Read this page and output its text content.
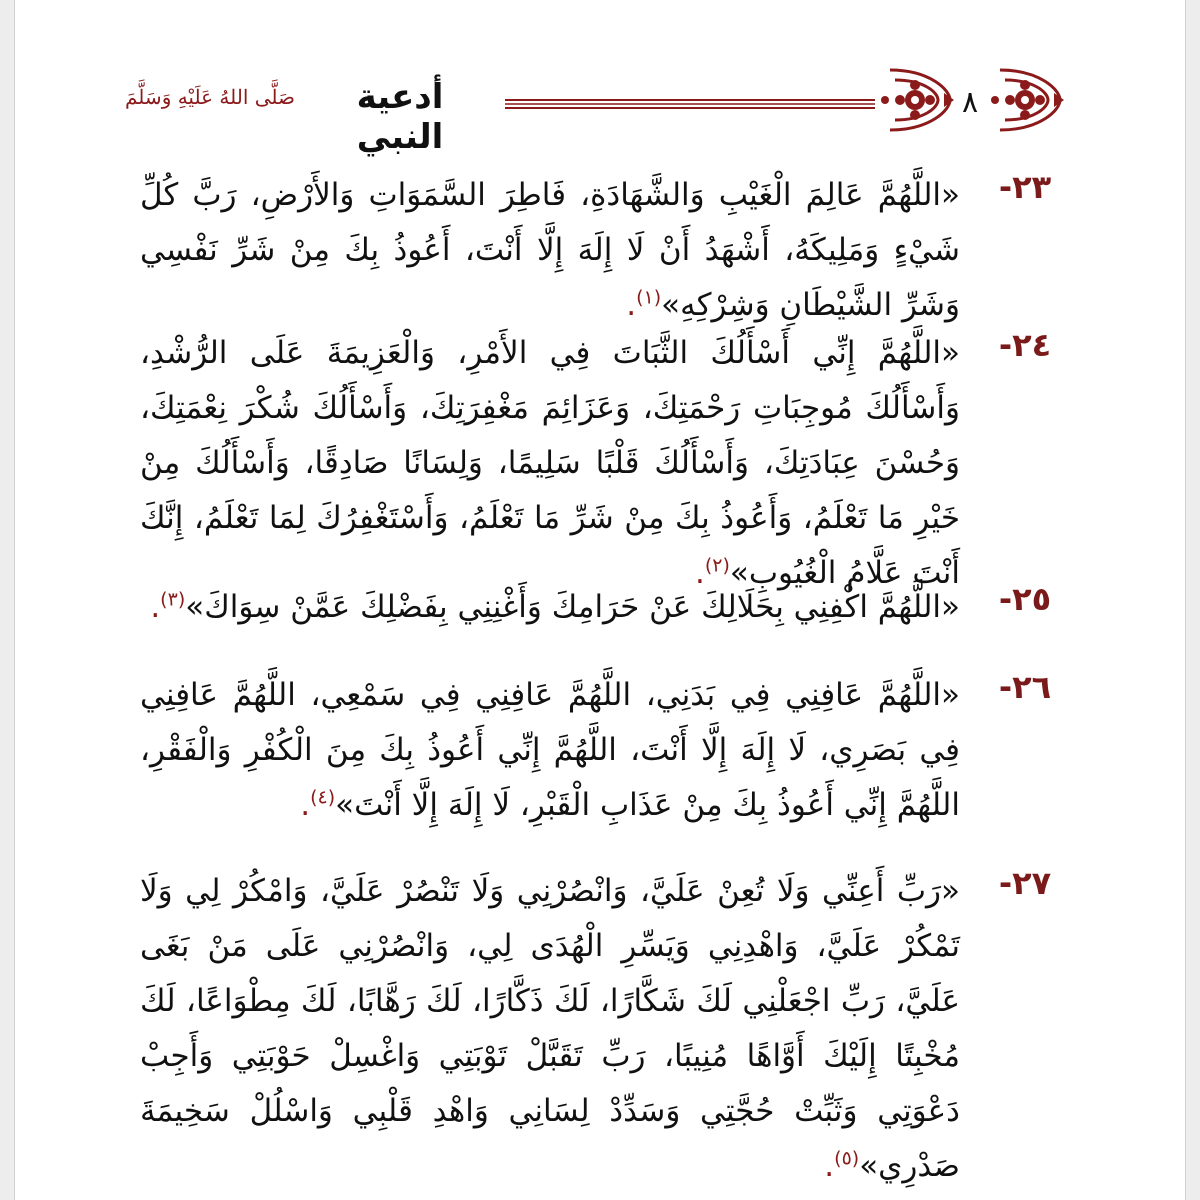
صَلَّى اللهُ عَلَيْهِ وَسَلَّمَ	أدعية النبي
٨
٢٣-
«اللَّهُمَّ عَالِمَ الْغَيْبِ وَالشَّهَادَةِ، فَاطِرَ السَّمَوَاتِ وَالأَرْضِ، رَبَّ كُلِّ شَيْءٍ وَمَلِيكَهُ، أَشْهَدُ أَنْ لَا إِلَهَ إِلَّا أَنْتَ، أَعُوذُ بِكَ مِنْ شَرِّ نَفْسِي وَشَرِّ الشَّيْطَانِ وَشِرْكِهِ»$^{(١)}$.
٢٤-
«اللَّهُمَّ إِنِّي أَسْأَلُكَ الثَّبَاتَ فِي الأَمْرِ، وَالْعَزِيمَةَ عَلَى الرُّشْدِ، وَأَسْأَلُكَ مُوجِبَاتِ رَحْمَتِكَ، وَعَزَائِمَ مَغْفِرَتِكَ، وَأَسْأَلُكَ شُكْرَ نِعْمَتِكَ، وَحُسْنَ عِبَادَتِكَ، وَأَسْأَلُكَ قَلْبًا سَلِيمًا، وَلِسَانًا صَادِقًا، وَأَسْأَلُكَ مِنْ خَيْرِ مَا تَعْلَمُ، وَأَعُوذُ بِكَ مِنْ شَرِّ مَا تَعْلَمُ، وَأَسْتَغْفِرُكَ لِمَا تَعْلَمُ، إِنَّكَ أَنْتَ عَلَّامُ الْغُيُوبِ»$^{(٢)}$.
٢٥-
«اللَّهُمَّ اكْفِنِي بِحَلَالِكَ عَنْ حَرَامِكَ وَأَغْنِنِي بِفَضْلِكَ عَمَّنْ سِوَاكَ»$^{(٣)}$.
٢٦-
«اللَّهُمَّ عَافِنِي فِي بَدَنِي، اللَّهُمَّ عَافِنِي فِي سَمْعِي، اللَّهُمَّ عَافِنِي فِي بَصَرِي، لَا إِلَهَ إِلَّا أَنْتَ، اللَّهُمَّ إِنِّي أَعُوذُ بِكَ مِنَ الْكُفْرِ وَالْفَقْرِ، اللَّهُمَّ إِنِّي أَعُوذُ بِكَ مِنْ عَذَابِ الْقَبْرِ، لَا إِلَهَ إِلَّا أَنْتَ»$^{(٤)}$.
٢٧-
«رَبِّ أَعِنِّي وَلَا تُعِنْ عَلَيَّ، وَانْصُرْنِي وَلَا تَنْصُرْ عَلَيَّ، وَامْكُرْ لِي وَلَا تَمْكُرْ عَلَيَّ، وَاهْدِنِي وَيَسِّرِ الْهُدَى لِي، وَانْصُرْنِي عَلَى مَنْ بَغَى عَلَيَّ، رَبِّ اجْعَلْنِي لَكَ شَكَّارًا، لَكَ ذَكَّارًا، لَكَ رَهَّابًا، لَكَ مِطْوَاعًا، لَكَ مُخْبِتًا إِلَيْكَ أَوَّاهًا مُنِيبًا، رَبِّ تَقَبَّلْ تَوْبَتِي وَاغْسِلْ حَوْبَتِي وَأَجِبْ دَعْوَتِي وَثَبِّتْ حُجَّتِي وَسَدِّدْ لِسَانِي وَاهْدِ قَلْبِي وَاسْلُلْ سَخِيمَةَ صَدْرِي»$^{(٥)}$.
